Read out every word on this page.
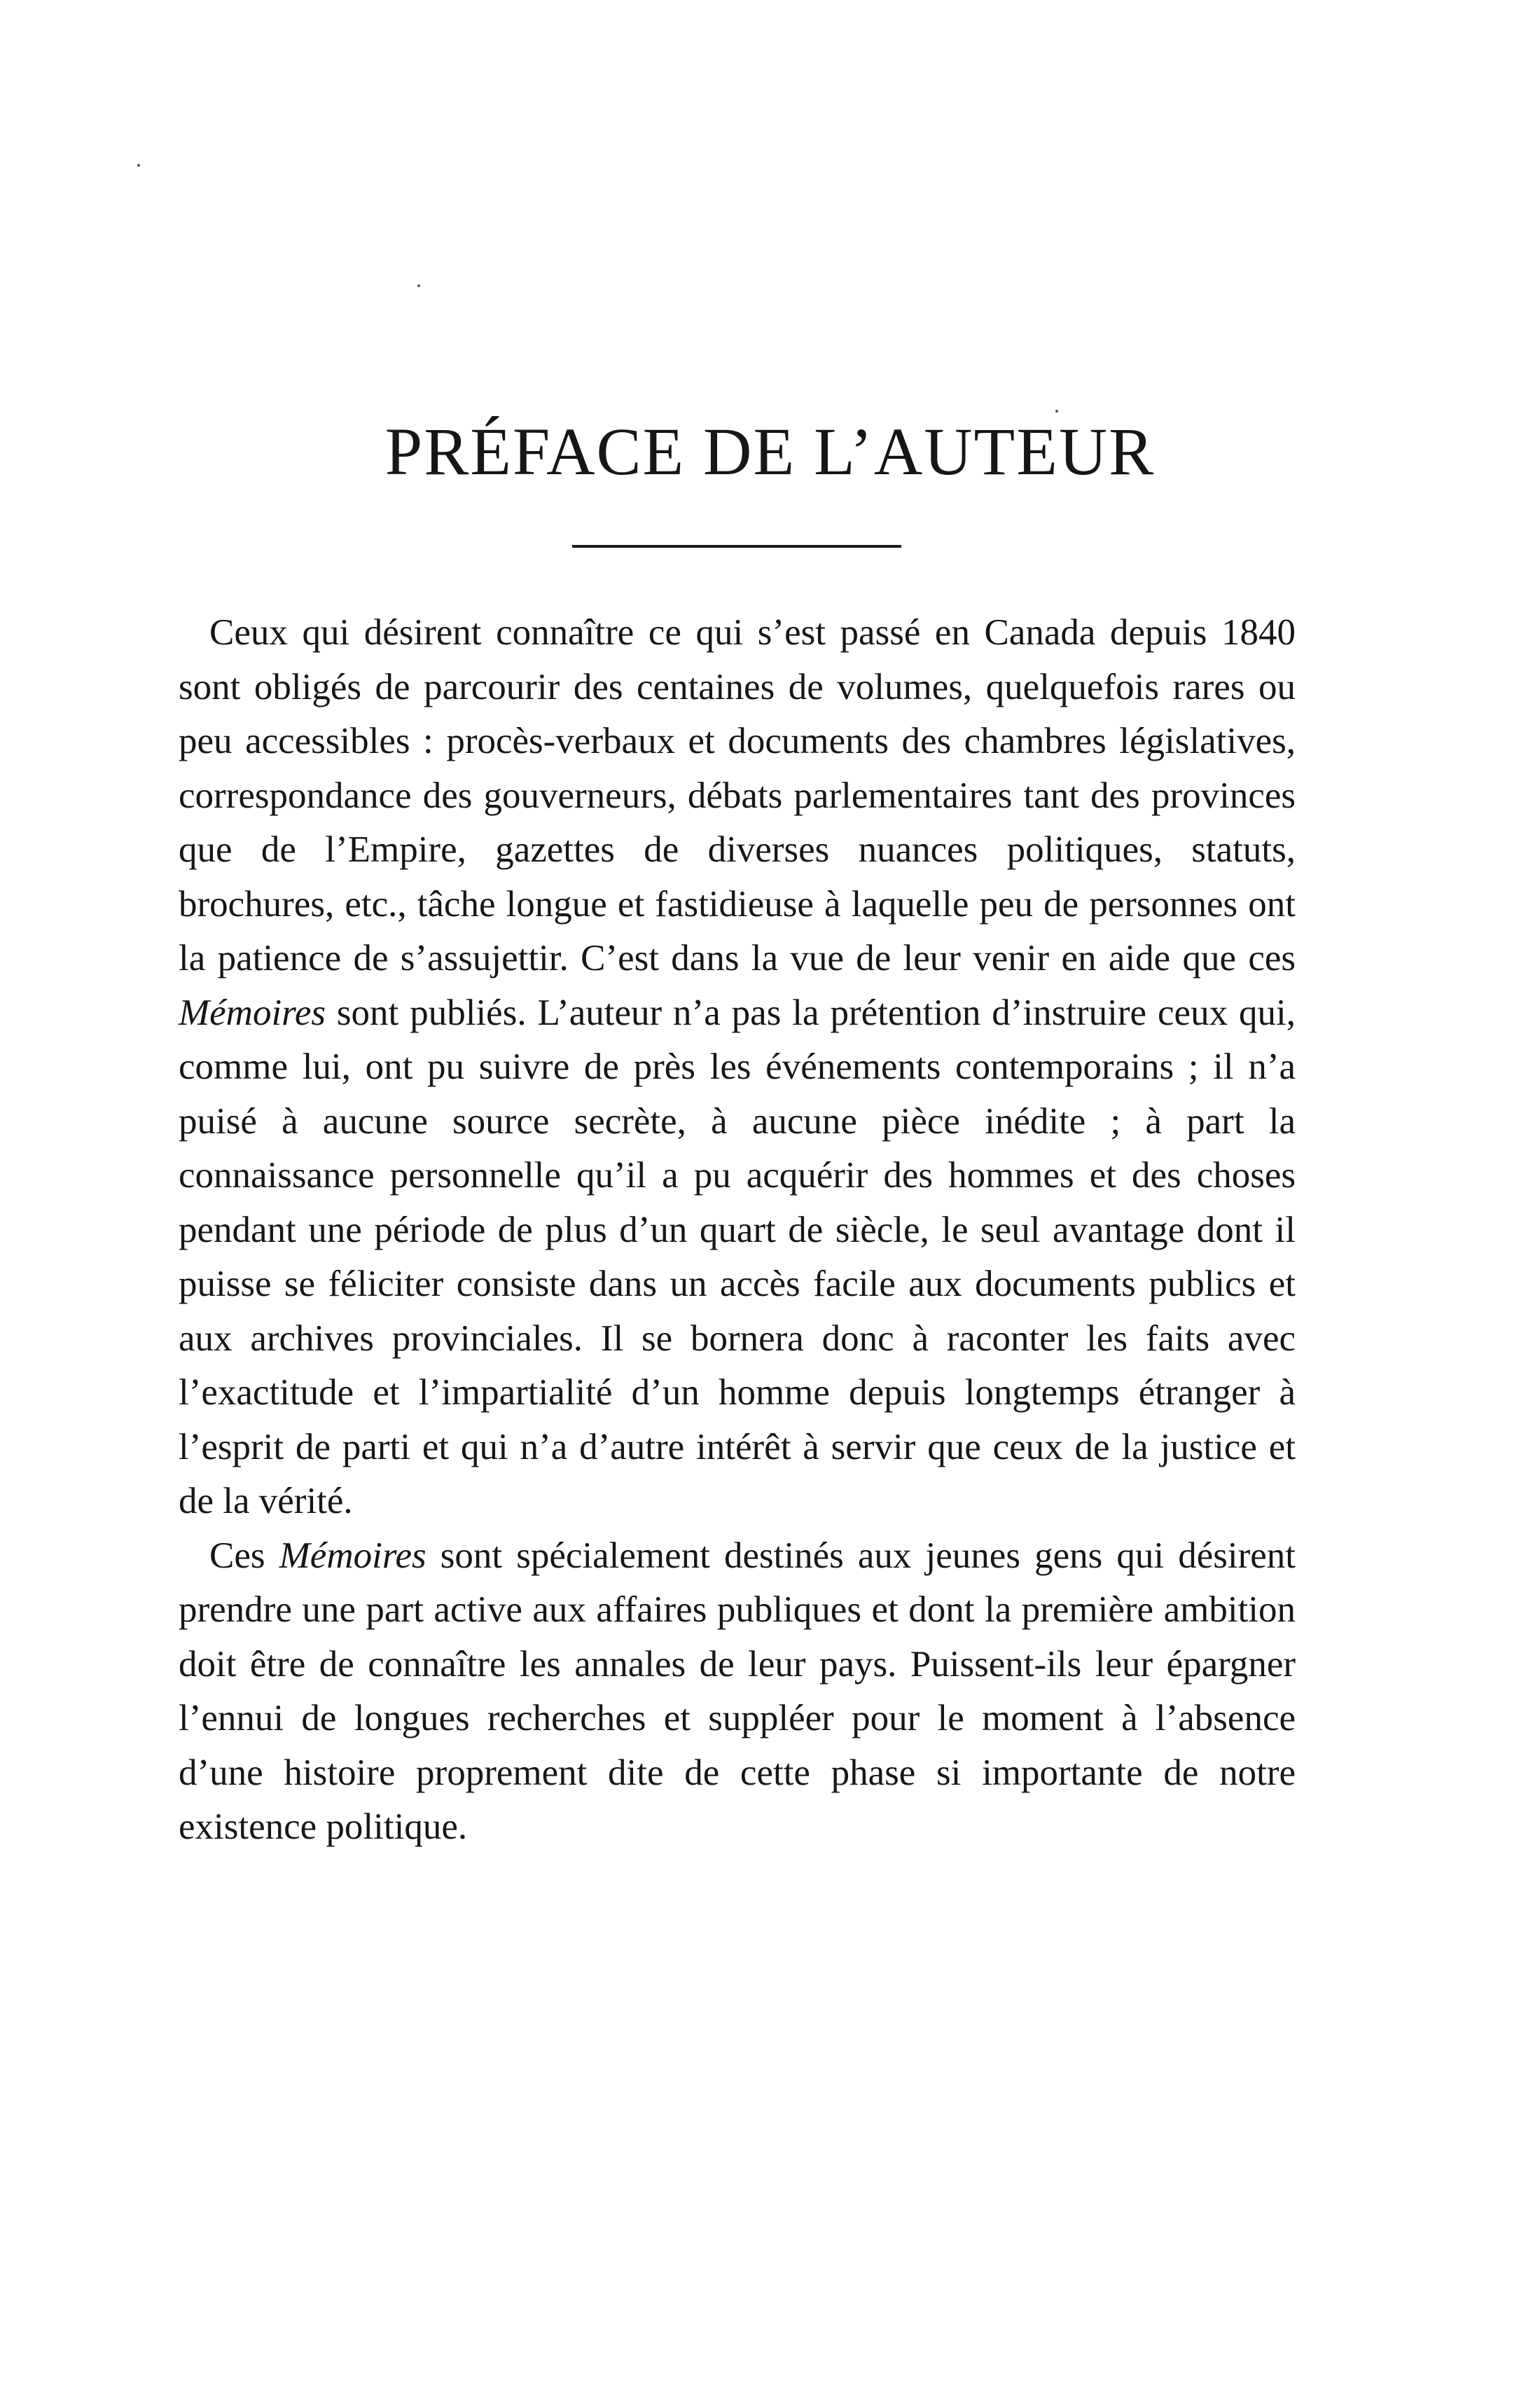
PRÉFACE DE L’AUTEUR

Ceux qui désirent connaître ce qui s’est passé en Canada depuis 1840 sont obligés de parcourir des centaines de volumes, quelquefois rares ou peu accessibles : procès-verbaux et documents des chambres législatives, correspondance des gouverneurs, débats parlementaires tant des provinces que de l’Empire, gazettes de diverses nuances politiques, statuts, brochures, etc., tâche longue et fastidieuse à laquelle peu de personnes ont la patience de s’assujettir. C’est dans la vue de leur venir en aide que ces Mémoires sont publiés. L’auteur n’a pas la prétention d’instruire ceux qui, comme lui, ont pu suivre de près les événements contemporains ; il n’a puisé à aucune source secrète, à aucune pièce inédite ; à part la connaissance personnelle qu’il a pu acquérir des hommes et des choses pendant une période de plus d’un quart de siècle, le seul avantage dont il puisse se féliciter consiste dans un accès facile aux documents publics et aux archives provinciales. Il se bornera donc à raconter les faits avec l’exactitude et l’impartialité d’un homme depuis longtemps étranger à l’esprit de parti et qui n’a d’autre intérêt à servir que ceux de la justice et de la vérité.

Ces Mémoires sont spécialement destinés aux jeunes gens qui désirent prendre une part active aux affaires publiques et dont la première ambition doit être de connaître les annales de leur pays. Puissent-ils leur épargner l’ennui de longues recherches et suppléer pour le moment à l’absence d’une histoire proprement dite de cette phase si importante de notre existence politique.
